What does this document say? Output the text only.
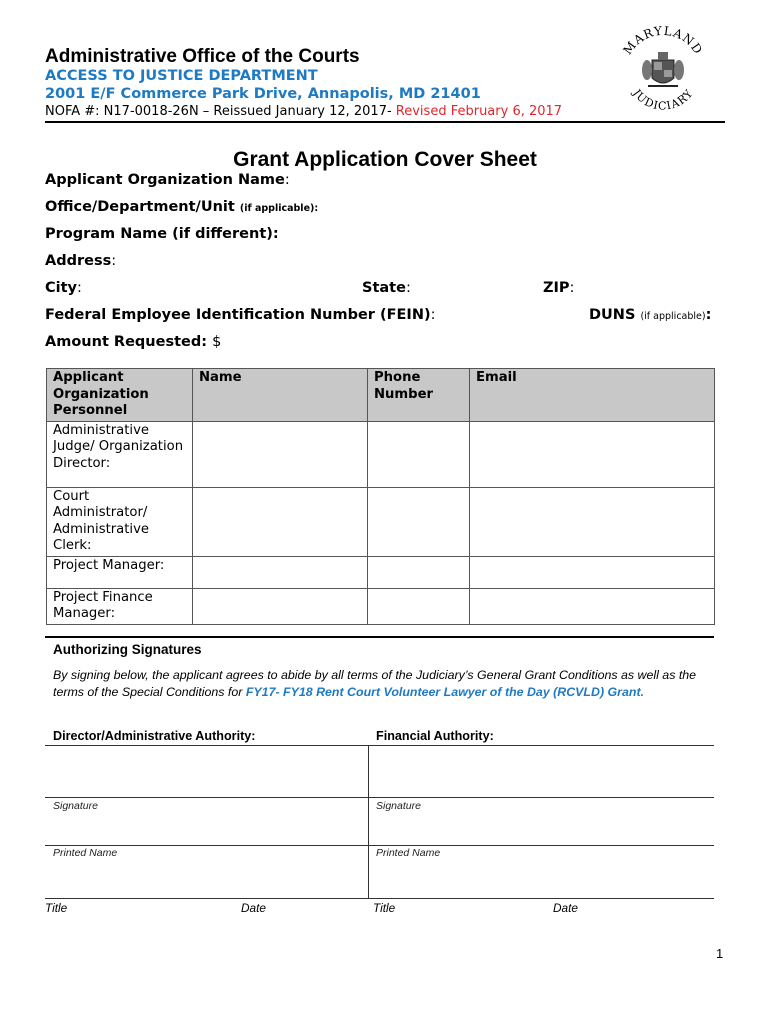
Administrative Office of the Courts
ACCESS TO JUSTICE DEPARTMENT
2001 E/F Commerce Park Drive, Annapolis, MD 21401
NOFA #: N17-0018-26N – Reissued January 12, 2017- Revised February 6, 2017
MARYLAND
JUDICIARY
Grant Application Cover Sheet
Applicant Organization Name:
Office/Department/Unit (if applicable):
Program Name (if different):
Address:
City:	State:	ZIP:
Federal Employee Identification Number (FEIN):	DUNS (if applicable):
Amount Requested: $
Applicant Organization Personnel	Name	Phone Number	Email
Administrative Judge/ Organization Director:			
Court Administrator/ Administrative Clerk:			
Project Manager:			
Project Finance Manager:			
Authorizing Signatures
By signing below, the applicant agrees to abide by all terms of the Judiciary’s General Grant Conditions as well as the terms of the Special Conditions for FY17- FY18 Rent Court Volunteer Lawyer of the Day (RCVLD) Grant.
Director/Administrative Authority:	Financial Authority:
Signature	Signature
Printed Name	Printed Name
Title	Date	Title	Date
1
